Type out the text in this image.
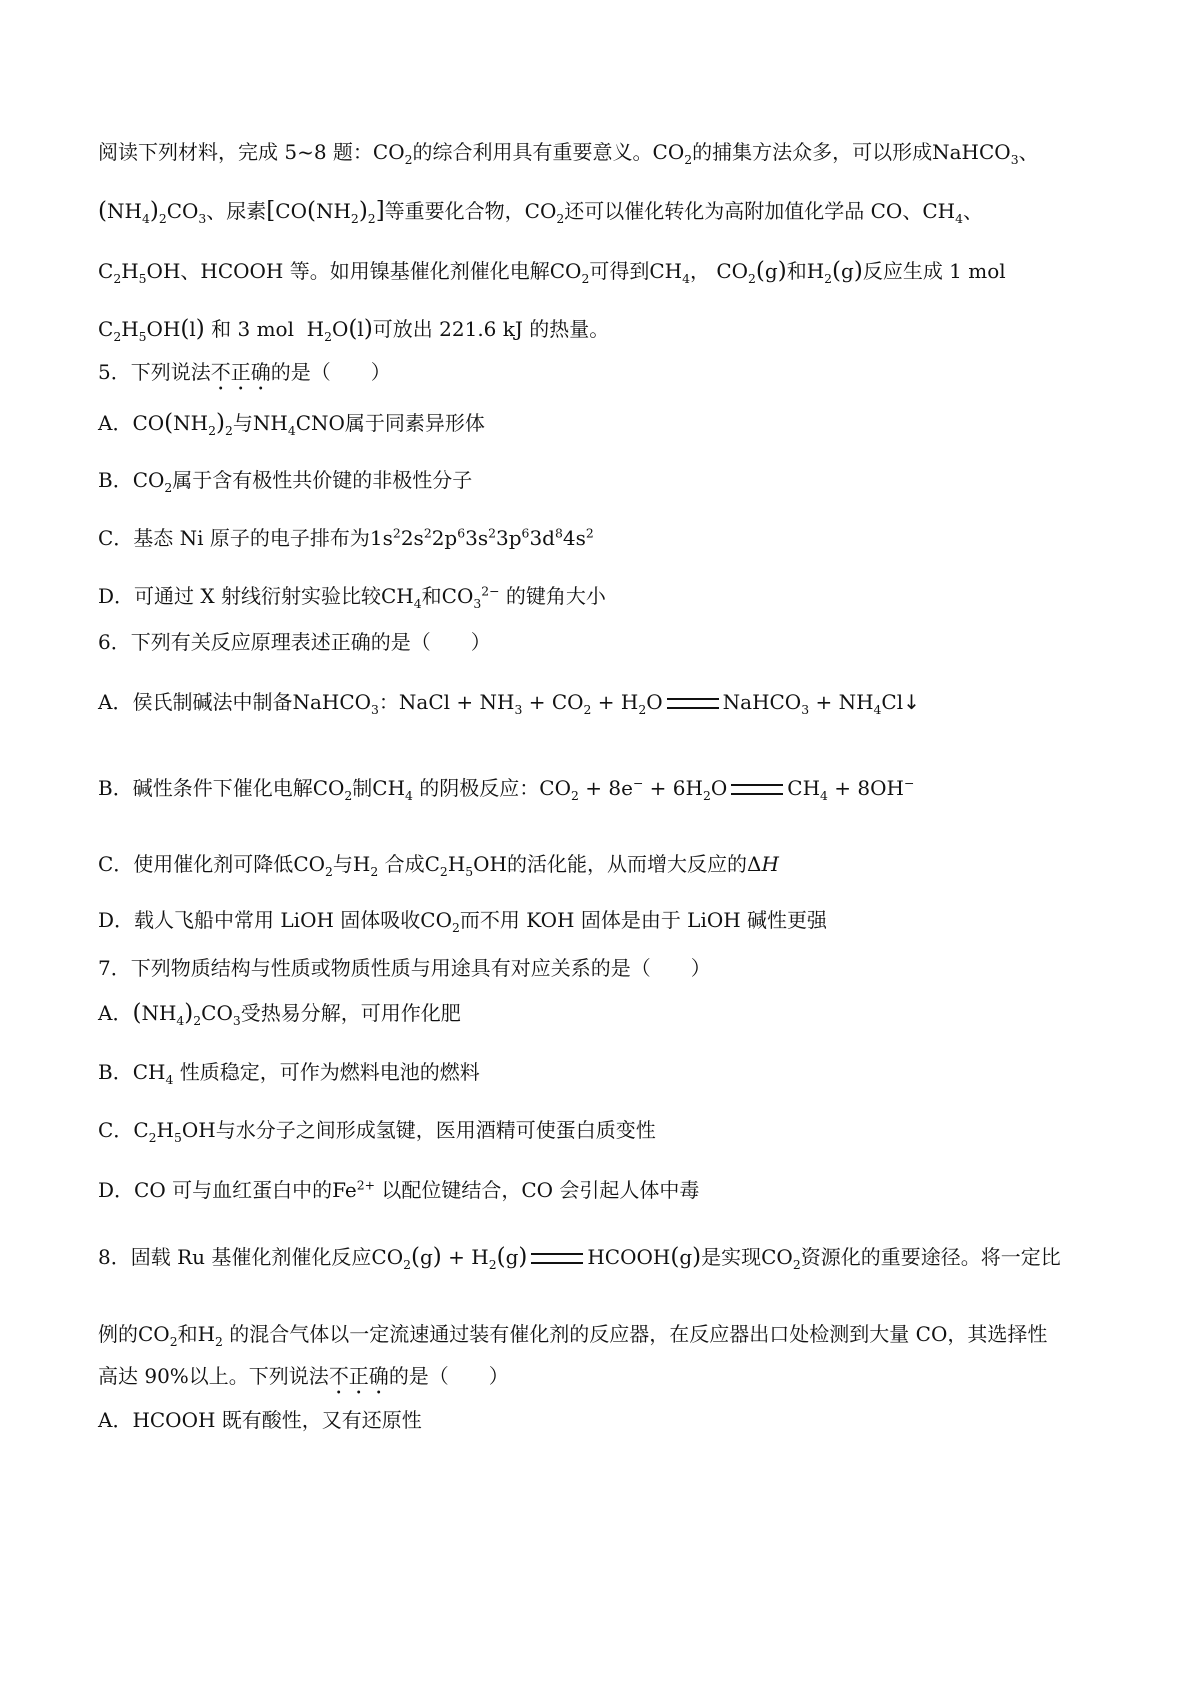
阅读下列材料，完成 5~8 题：$CO_2$的综合利用具有重要意义。$CO_2$的捕集方法众多，可以形成NaHCO$_3$、
$(NH_4)_2CO_3$、尿素$[CO(NH_2)_2]$等重要化合物，$CO_2$还可以催化转化为高附加值化学品 CO、$CH_4$、
$C_2H_5OH$、HCOOH 等。如用镍基催化剂催化电解$CO_2$可得到$CH_4$， $CO_2(g)$和$H_2(g)$反应生成 1 mol
$C_2H_5OH(l)$ 和 3 mol  $H_2O(l)$可放出 221.6 kJ 的热量。
5．下列说法不正确的是（　　）
A．$CO(NH_2)_2$与$NH_4CNO$属于同素异形体
B．$CO_2$属于含有极性共价键的非极性分子
C．基态 Ni 原子的电子排布为$1s^22s^22p^63s^23p^63d^84s^2$
D．可通过 X 射线衍射实验比较$CH_4$和$CO_3^{2-}$ 的键角大小
6．下列有关反应原理表述正确的是（　　）
A．侯氏制碱法中制备NaHCO$_3$：NaCl + $NH_3 + CO_2 + H_2O$	NaHCO$_3$ + $NH_4Cl↓$
B．碱性条件下催化电解$CO_2$制$CH_4$ 的阴极反应：$CO_2 + 8e^- + 6H_2O$	$CH_4 + 8OH^-$
C．使用催化剂可降低$CO_2$与$H_2$ 合成$C_2H_5OH$的活化能，从而增大反应的ΔH
D．载人飞船中常用 LiOH 固体吸收$CO_2$而不用 KOH 固体是由于 LiOH 碱性更强
7．下列物质结构与性质或物质性质与用途具有对应关系的是（　　）
A．$(NH_4)_2CO_3$受热易分解，可用作化肥
B．$CH_4$ 性质稳定，可作为燃料电池的燃料
C．$C_2H_5OH$与水分子之间形成氢键，医用酒精可使蛋白质变性
D．CO 可与血红蛋白中的$Fe^{2+}$ 以配位键结合，CO 会引起人体中毒
8．固载 Ru 基催化剂催化反应$CO_2(g) + H_2(g)$	HCOOH(g)是实现$CO_2$资源化的重要途径。将一定比
例的$CO_2$和$H_2$ 的混合气体以一定流速通过装有催化剂的反应器，在反应器出口处检测到大量 CO，其选择性
高达 90%以上。下列说法不正确的是（　　）
A．HCOOH 既有酸性，又有还原性
